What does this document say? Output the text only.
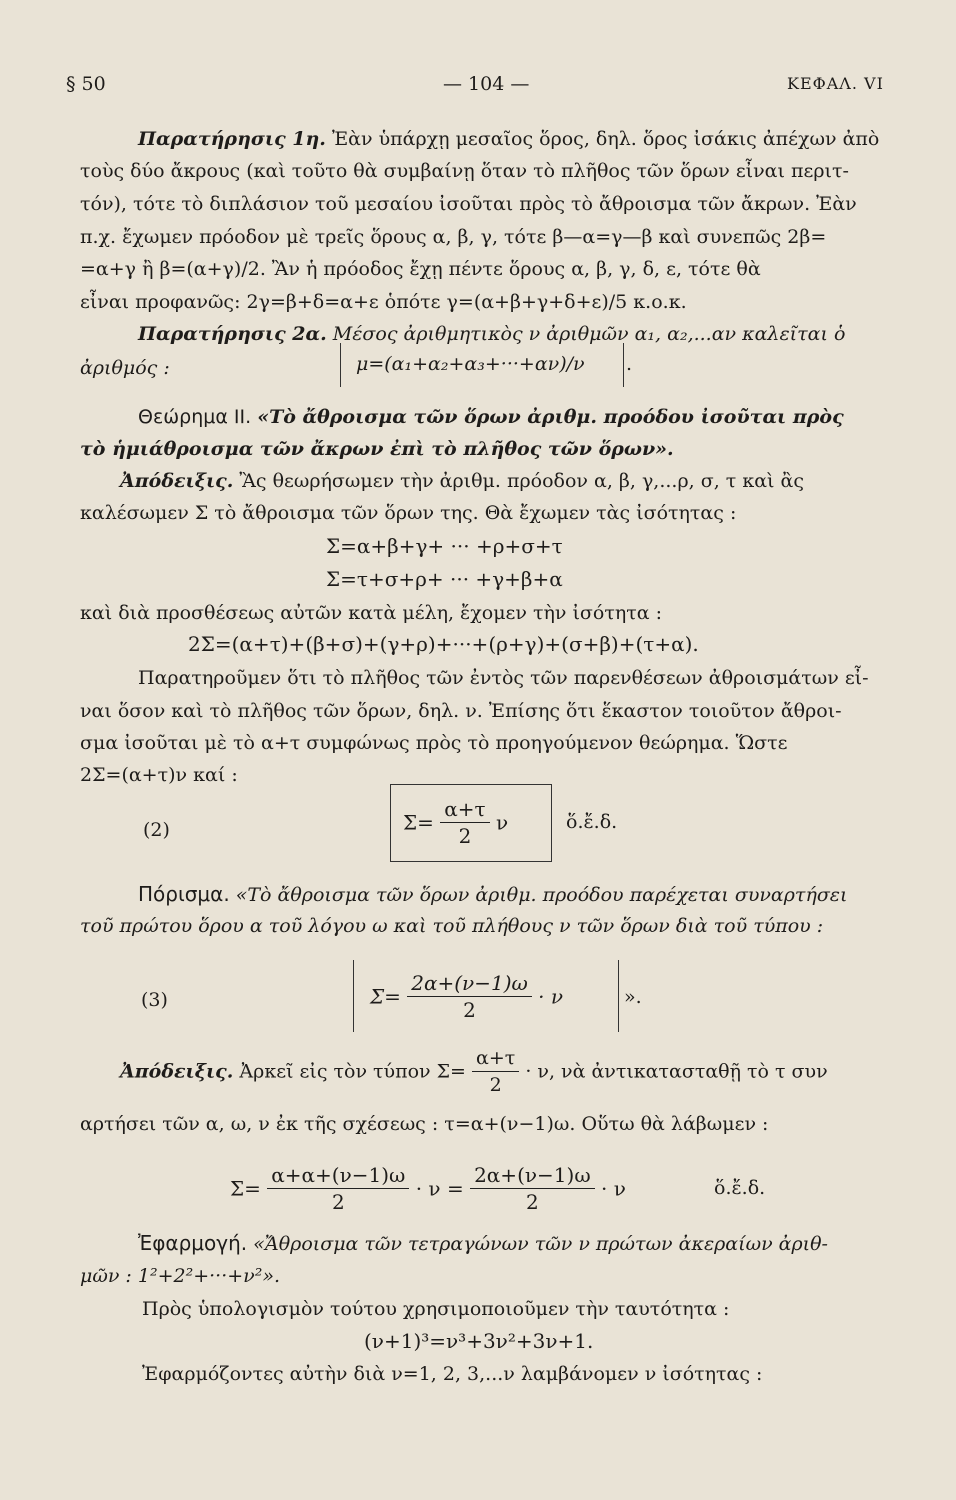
§ 50	— 104 —	ΚΕΦΑΛ. VI
Παρατήρησις 1η. Ἐὰν ὑπάρχῃ μεσαῖος ὅρος, δηλ. ὅρος ἰσάκις ἀπέχων ἀπὸ
τοὺς δύο ἄκρους (καὶ τοῦτο θὰ συμβαίνῃ ὅταν τὸ πλῆθος τῶν ὅρων εἶναι περιτ-
τόν), τότε τὸ διπλάσιον τοῦ μεσαίου ἰσοῦται πρὸς τὸ ἄθροισμα τῶν ἄκρων. Ἐὰν
π.χ. ἔχωμεν πρόοδον μὲ τρεῖς ὅρους α, β, γ, τότε β—α=γ—β καὶ συνεπῶς 2β=
=α+γ ἢ β=(α+γ)/2. Ἂν ἡ πρόοδος ἔχῃ πέντε ὅρους α, β, γ, δ, ε, τότε θὰ
εἶναι προφανῶς: 2γ=β+δ=α+ε ὁπότε γ=(α+β+γ+δ+ε)/5 κ.ο.κ.
Παρατήρησις 2α. Μέσος ἀριθμητικὸς ν ἀριθμῶν α₁, α₂,...αν καλεῖται ὁ
ἀριθμός :	μ=(α₁+α₂+α₃+···+αν)/ν .
Θεώρημα ΙΙ. «Τὸ ἄθροισμα τῶν ὅρων ἀριθμ. προόδου ἰσοῦται πρὸς
τὸ ἡμιάθροισμα τῶν ἄκρων ἐπὶ τὸ πλῆθος τῶν ὅρων».
Ἀπόδειξις. Ἂς θεωρήσωμεν τὴν ἀριθμ. πρόοδον α, β, γ,...ρ, σ, τ καὶ ἂς
καλέσωμεν Σ τὸ ἄθροισμα τῶν ὅρων της. Θὰ ἔχωμεν τὰς ἰσότητας :
Σ=α+β+γ+ ··· +ρ+σ+τ
Σ=τ+σ+ρ+ ··· +γ+β+α
καὶ διὰ προσθέσεως αὐτῶν κατὰ μέλη, ἔχομεν τὴν ἰσότητα :
2Σ=(α+τ)+(β+σ)+(γ+ρ)+···+(ρ+γ)+(σ+β)+(τ+α).
Παρατηροῦμεν ὅτι τὸ πλῆθος τῶν ἐντὸς τῶν παρενθέσεων ἀθροισμάτων εἶ-
ναι ὅσον καὶ τὸ πλῆθος τῶν ὅρων, δηλ. ν. Ἐπίσης ὅτι ἕκαστον τοιοῦτον ἄθροι-
σμα ἰσοῦται μὲ τὸ α+τ συμφώνως πρὸς τὸ προηγούμενον θεώρημα. Ὥστε
2Σ=(α+τ)ν καί :
(2)	$\Sigma= \frac{\alpha+\tau}{2}$ ν	ὅ.ἔ.δ.
Πόρισμα. «Τὸ ἄθροισμα τῶν ὅρων ἀριθμ. προόδου παρέχεται συναρτήσει
τοῦ πρώτου ὅρου α τοῦ λόγου ω καὶ τοῦ πλήθους ν τῶν ὅρων διὰ τοῦ τύπου :
(3)	$\Sigma= \frac{2\alpha+(\nu-1)\omega}{2} \cdot \nu$	».
Ἀπόδειξις. Ἀρκεῖ εἰς τὸν τύπον $\Sigma= \frac{\alpha+\tau}{2} \cdot \nu$, νὰ ἀντικατασταθῇ τὸ τ συν
αρτήσει τῶν α, ω, ν ἐκ τῆς σχέσεως : τ=α+(ν−1)ω. Οὕτω θὰ λάβωμεν :
$\Sigma= \frac{\alpha+\alpha+(\nu-1)\omega}{2} \cdot \nu = \frac{2\alpha+(\nu-1)\omega}{2} \cdot \nu$	ὅ.ἔ.δ.
Ἐφαρμογή. «Ἄθροισμα τῶν τετραγώνων τῶν ν πρώτων ἀκεραίων ἀριθ-
μῶν : 1²+2²+···+ν²».
Πρὸς ὑπολογισμὸν τούτου χρησιμοποιοῦμεν τὴν ταυτότητα :
(ν+1)³=ν³+3ν²+3ν+1.
Ἐφαρμόζοντες αὐτὴν διὰ ν=1, 2, 3,...ν λαμβάνομεν ν ἰσότητας :
